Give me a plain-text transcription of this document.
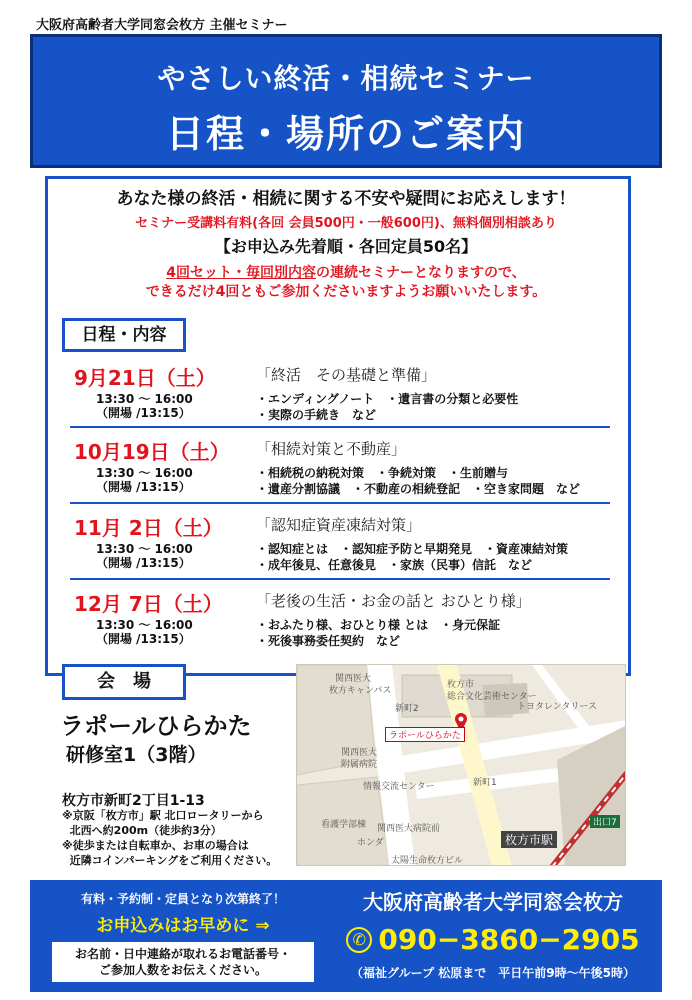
大阪府高齢者大学同窓会枚方 主催セミナー
やさしい終活・相続セミナー
日程・場所のご案内
あなた様の終活・相続に関する不安や疑問にお応えします！
セミナー受講料有料(各回 会員500円・一般600円)、無料個別相談あり
【お申込み先着順・各回定員50名】
4回セット・毎回別内容の連続セミナーとなりますので、
できるだけ4回ともご参加くださいますようお願いいたします。
日程・内容
9月21日（土）
13:30 ～ 16:00
（開場 /13:15）
「終活　その基礎と準備」
・エンディングノート　・遺言書の分類と必要性
・実際の手続き　など
10月19日（土）
13:30 ～ 16:00
（開場 /13:15）
「相続対策と不動産」
・相続税の納税対策　・争続対策　・生前贈与
・遺産分割協議　・不動産の相続登記　・空き家問題　など
11月 2日（土）
13:30 ～ 16:00
（開場 /13:15）
「認知症資産凍結対策」
・認知症とは　・認知症予防と早期発見　・資産凍結対策
・成年後見、任意後見　・家族（民事）信託　など
12月 7日（土）
13:30 ～ 16:00
（開場 /13:15）
「老後の生活・お金の話と おひとり様」
・おふたり様、おひとり様 とは　・身元保証
・死後事務委任契約　など
会　場
ラポールひらかた
研修室1（3階）
枚方市新町2丁目1-13
※京阪「枚方市」駅 北口ロータリーから
北西へ約200m（徒歩約3分）
※徒歩または自転車か、お車の場合は
近隣コインパーキングをご利用ください。
関西医大
枚方キャンパス
枚方市
総合文化芸術センター
トヨタレンタリース
新町2
関西医大
附属病院
情報交流センター	新町1
看護学部棟 関西医大病院前
ホンダ
太陽生命枚方ビル
ラポールひらかた
枚方市駅
出口7
有料・予約制・定員となり次第終了！
お申込みはお早めに ⇒
お名前・日中連絡が取れるお電話番号・
ご参加人数をお伝えください。
大阪府高齢者大学同窓会枚方
✆ 090−3860−2905
（福祉グループ 松原まで　平日午前9時～午後5時）
